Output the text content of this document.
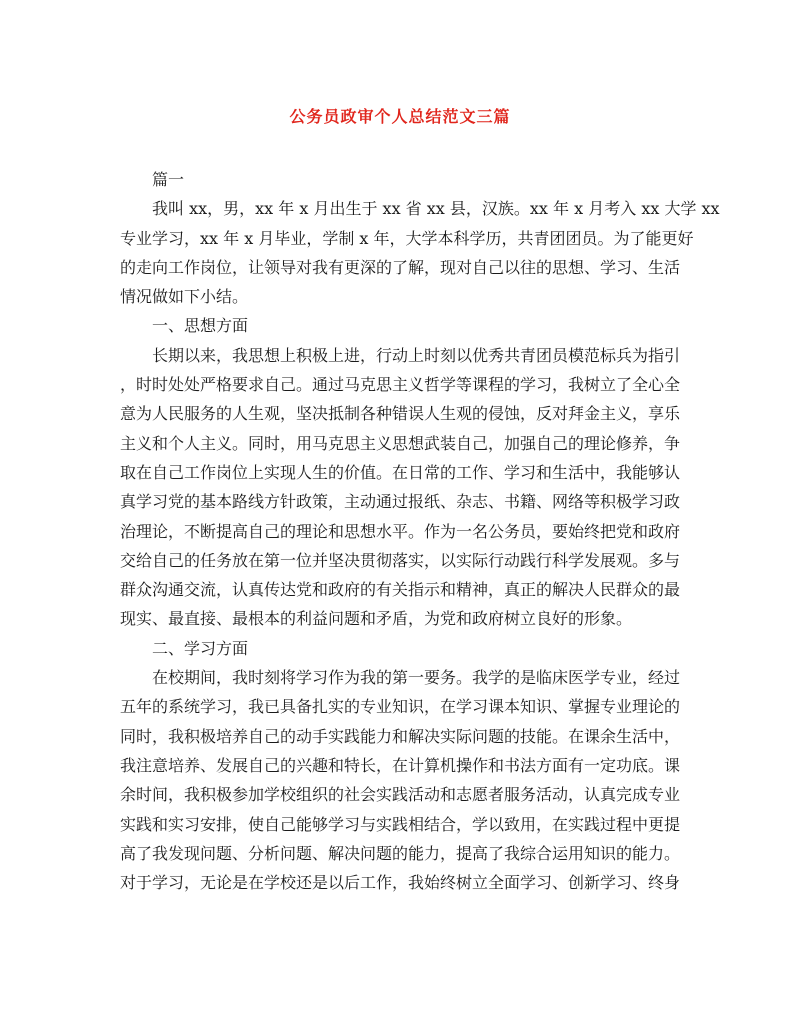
公务员政审个人总结范文三篇
　　篇一
　　我叫 xx，男，xx 年 x 月出生于 xx 省 xx 县，汉族。xx 年 x 月考入 xx 大学 xx
专业学习，xx 年 x 月毕业，学制 x 年，大学本科学历，共青团团员。为了能更好
的走向工作岗位，让领导对我有更深的了解，现对自己以往的思想、学习、生活
情况做如下小结。
　　一、思想方面
　　长期以来，我思想上积极上进，行动上时刻以优秀共青团员模范标兵为指引
，时时处处严格要求自己。通过马克思主义哲学等课程的学习，我树立了全心全
意为人民服务的人生观，坚决抵制各种错误人生观的侵蚀，反对拜金主义，享乐
主义和个人主义。同时，用马克思主义思想武装自己，加强自己的理论修养，争
取在自己工作岗位上实现人生的价值。在日常的工作、学习和生活中，我能够认
真学习党的基本路线方针政策，主动通过报纸、杂志、书籍、网络等积极学习政
治理论，不断提高自己的理论和思想水平。作为一名公务员，要始终把党和政府
交给自己的任务放在第一位并坚决贯彻落实，以实际行动践行科学发展观。多与
群众沟通交流，认真传达党和政府的有关指示和精神，真正的解决人民群众的最
现实、最直接、最根本的利益问题和矛盾，为党和政府树立良好的形象。
　　二、学习方面
　　在校期间，我时刻将学习作为我的第一要务。我学的是临床医学专业，经过
五年的系统学习，我已具备扎实的专业知识，在学习课本知识、掌握专业理论的
同时，我积极培养自己的动手实践能力和解决实际问题的技能。在课余生活中，
我注意培养、发展自己的兴趣和特长，在计算机操作和书法方面有一定功底。课
余时间，我积极参加学校组织的社会实践活动和志愿者服务活动，认真完成专业
实践和实习安排，使自己能够学习与实践相结合，学以致用，在实践过程中更提
高了我发现问题、分析问题、解决问题的能力，提高了我综合运用知识的能力。
对于学习，无论是在学校还是以后工作，我始终树立全面学习、创新学习、终身
